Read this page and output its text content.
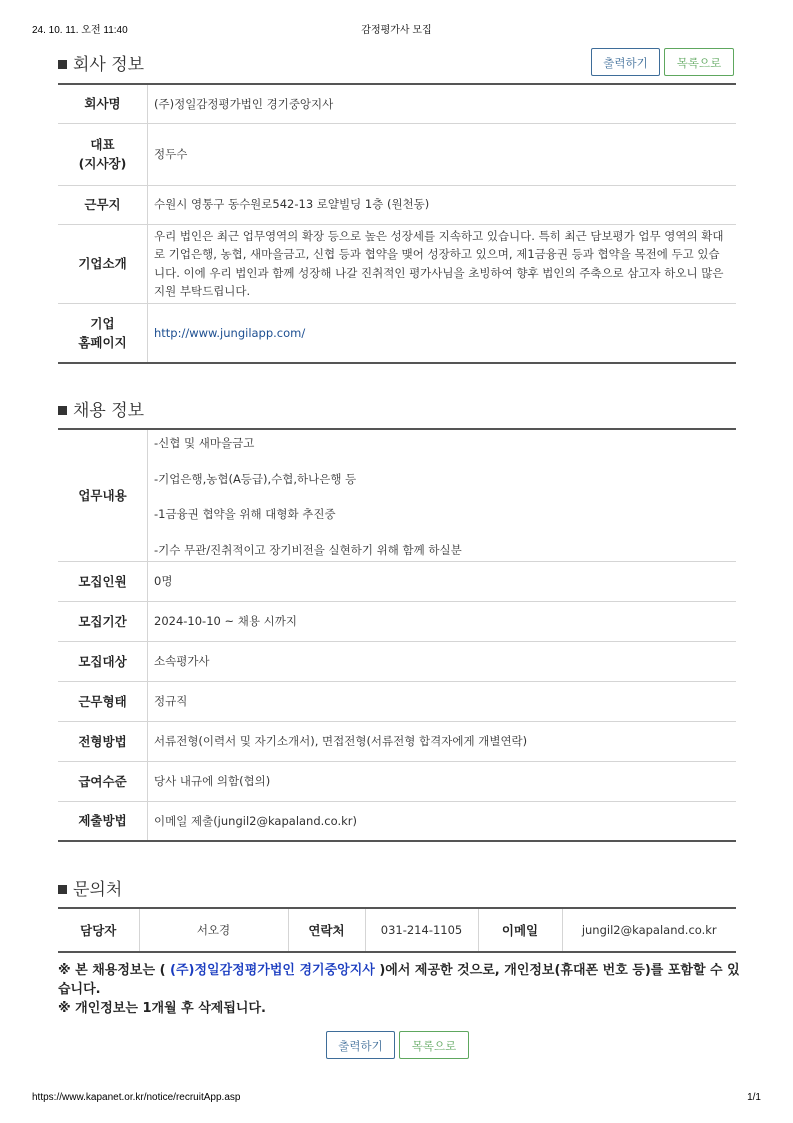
감정평가사 모집
24. 10. 11. 오전 11:40
회사 정보	출력하기	목록으로
회사명	(주)정일감정평가법인 경기중앙지사

대표
(지사장)	정두수
근무지	수원시 영통구 동수원로542-13 로얄빌딩 1층 (원천동)
기업소개	우리 법인은 최근 업무영역의 확장 등으로 높은 성장세를 지속하고 있습니다. 특히 최근 담보평가 업무 영역의 확대로 기업은행, 농협, 새마을금고, 신협 등과 협약을 맺어 성장하고 있으며, 제1금융권 등과 협약을 목전에 두고 있습니다. 이에 우리 법인과 함께 성장해 나갈 진취적인 평가사님을 초빙하여 향후 법인의 주축으로 삼고자 하오니 많은 지원 부탁드립니다.

기업
홈페이지	http://www.jungilapp.com/
채용 정보
업무내용	-신협 및 새마을금고

-기업은행,농협(A등급),수협,하나은행 등

-1금융권 협약을 위해 대형화 추진중

-기수 무관/진취적이고 장기비전을 실현하기 위해 함께 하실분

모집인원	0명
모집기간	2024-10-10 ~ 채용 시까지
모집대상	소속평가사
근무형태	정규직
전형방법	서류전형(이력서 및 자기소개서), 면접전형(서류전형 합격자에게 개별연락)
급여수준	당사 내규에 의함(협의)
제출방법	이메일 제출(jungil2@kapaland.co.kr)
문의처
담당자	서오경	연락처	031-214-1105	이메일	jungil2@kapaland.co.kr
※ 본 채용정보는 ( (주)정일감정평가법인 경기중앙지사 )에서 제공한 것으로, 개인정보(휴대폰 번호 등)를 포함할 수 있습니다.
※ 개인정보는 1개월 후 삭제됩니다.
출력하기	목록으로
https://www.kapanet.or.kr/notice/recruitApp.asp	1/1
